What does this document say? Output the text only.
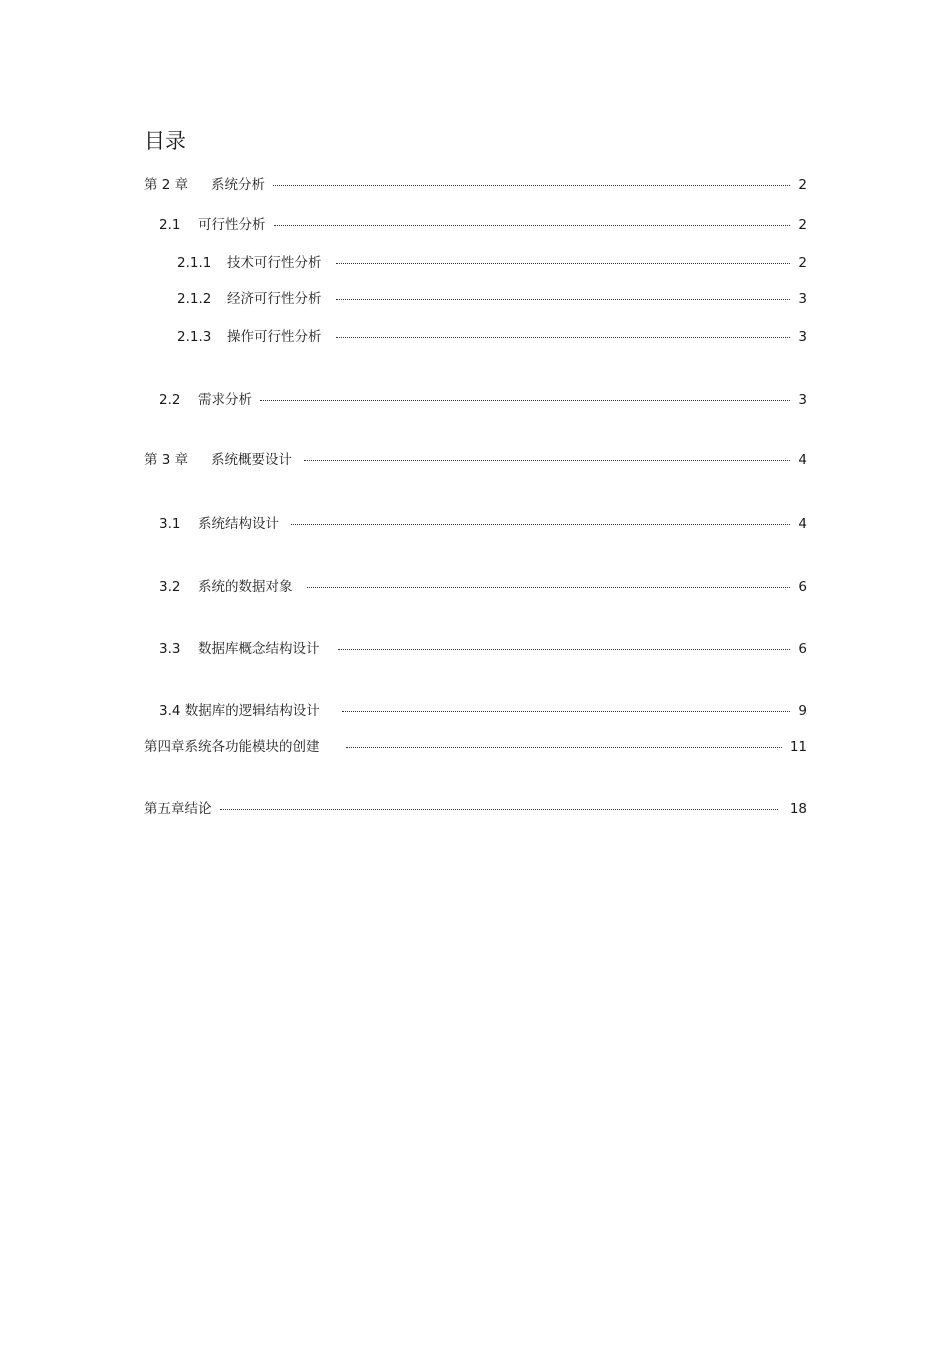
目录
第 2 章	系统分析	2
2.1	可行性分析	2
2.1.1	技术可行性分析	2
2.1.2	经济可行性分析	3
2.1.3	操作可行性分析	3
2.2	需求分析	3
第 3 章	系统概要设计	4
3.1	系统结构设计	4
3.2	系统的数据对象	6
3.3	数据库概念结构设计	6
3.4 数据库的逻辑结构设计	9
第四章系统各功能模块的创建	11
第五章结论	18
